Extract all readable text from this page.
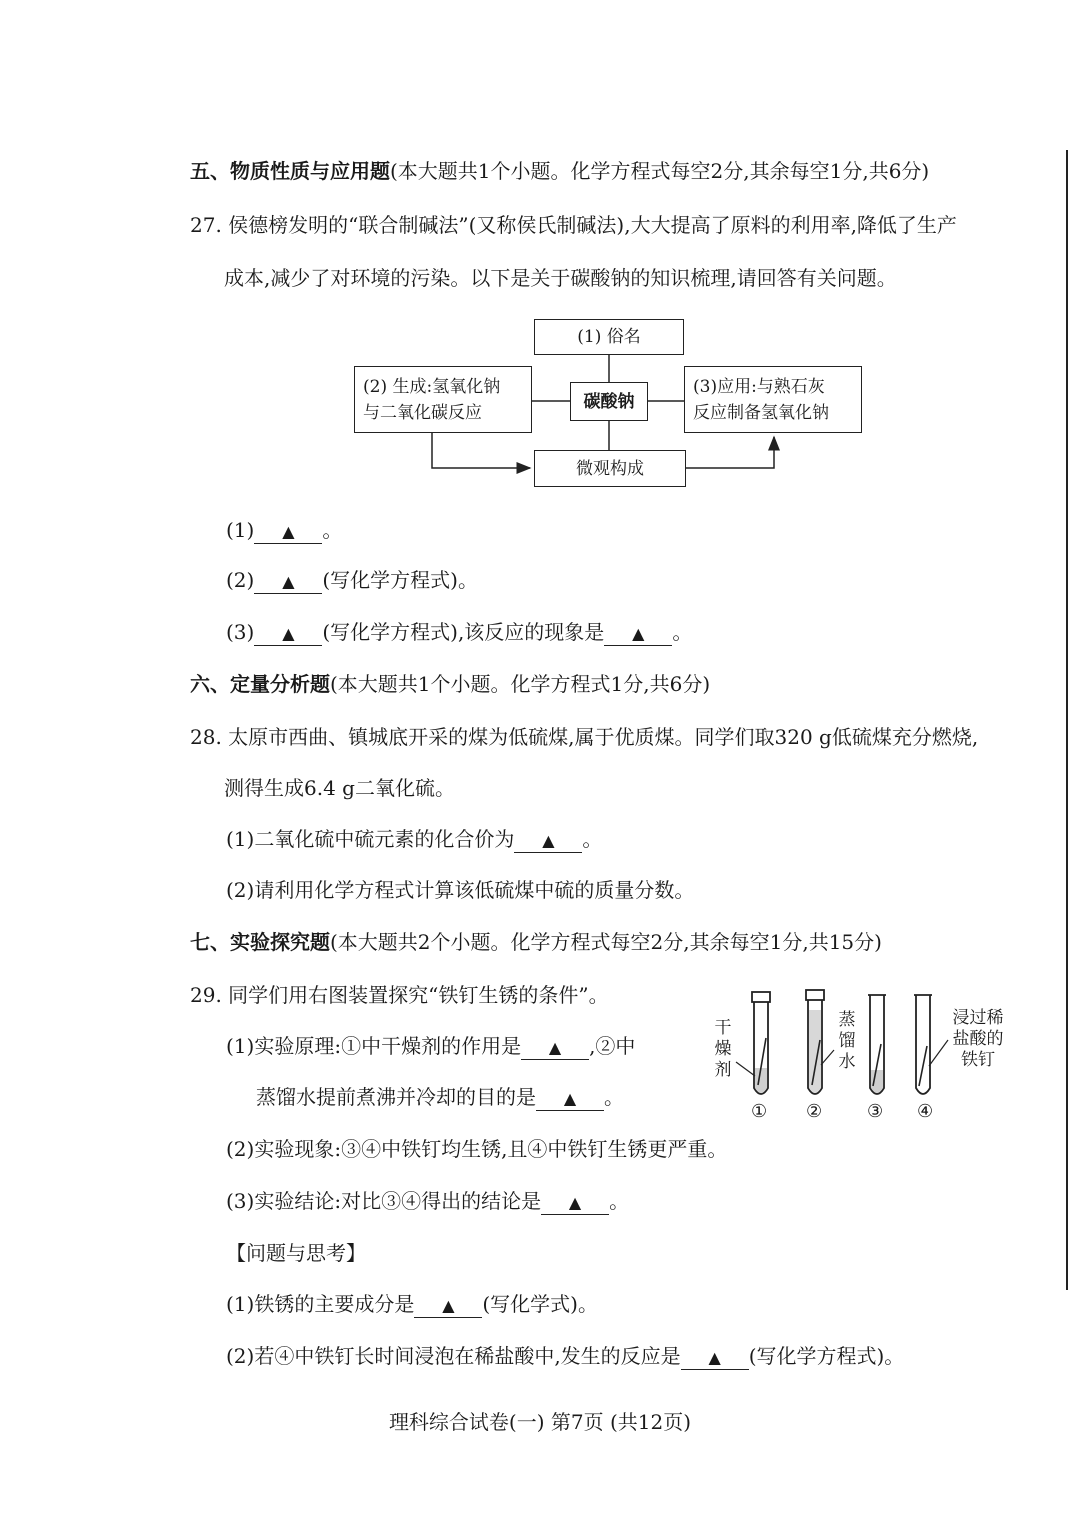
五、物质性质与应用题(本大题共1个小题。化学方程式每空2分,其余每空1分,共6分)
27. 侯德榜发明的“联合制碱法”(又称侯氏制碱法),大大提高了原料的利用率,降低了生产
成本,减少了对环境的污染。以下是关于碳酸钠的知识梳理,请回答有关问题。
(1) 俗名
碳酸钠
(2) 生成:氢氧化钠
与二氧化碳反应
(3)应用:与熟石灰
反应制备氢氧化钠
微观构成
(1) ▲ 。
(2) ▲ (写化学方程式)。
(3) ▲ (写化学方程式),该反应的现象是 ▲ 。
六、定量分析题(本大题共1个小题。化学方程式1分,共6分)
28. 太原市西曲、镇城底开采的煤为低硫煤,属于优质煤。同学们取320 g低硫煤充分燃烧,
测得生成6.4 g二氧化硫。
(1)二氧化硫中硫元素的化合价为 ▲ 。
(2)请利用化学方程式计算该低硫煤中硫的质量分数。
七、实验探究题(本大题共2个小题。化学方程式每空2分,其余每空1分,共15分)
29. 同学们用右图装置探究“铁钉生锈的条件”。
(1)实验原理:①中干燥剂的作用是 ▲ ,②中
蒸馏水提前煮沸并冷却的目的是 ▲ 。
(2)实验现象:③④中铁钉均生锈,且④中铁钉生锈更严重。
(3)实验结论:对比③④得出的结论是 ▲ 。
【问题与思考】
(1)铁锈的主要成分是 ▲ (写化学式)。
(2)若④中铁钉长时间浸泡在稀盐酸中,发生的反应是 ▲ (写化学方程式)。
干
燥
剂
蒸
馏
水
浸过稀
盐酸的
铁钉
① ② ③ ④
理科综合试卷(一) 第7页 (共12页)
